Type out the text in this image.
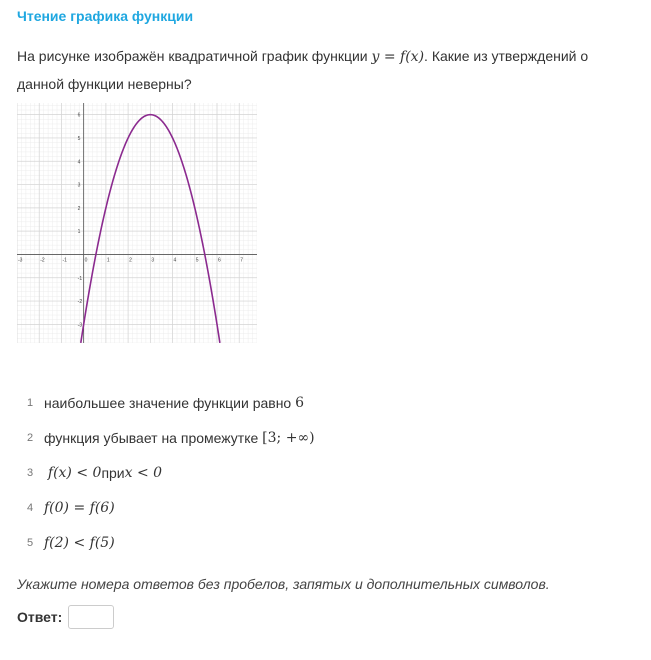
Чтение графика функции
На рисунке изображён квадратичной график функции y = f(x). Какие из утверждений о данной функции неверны?
-3	-2	-1	0	1	2	3	4	5	6	7
6
5
4
3
2
1
-1
-2
-3
1 наибольшее значение функции равно
6
2 функция убывает на промежутке
[3; +∞)
3
	f(x) < 0 при x < 0
4 f(0) = f(6)
5 f(2) < f(5)
Укажите номера ответов без пробелов, запятых и дополнительных символов.
Ответ:
